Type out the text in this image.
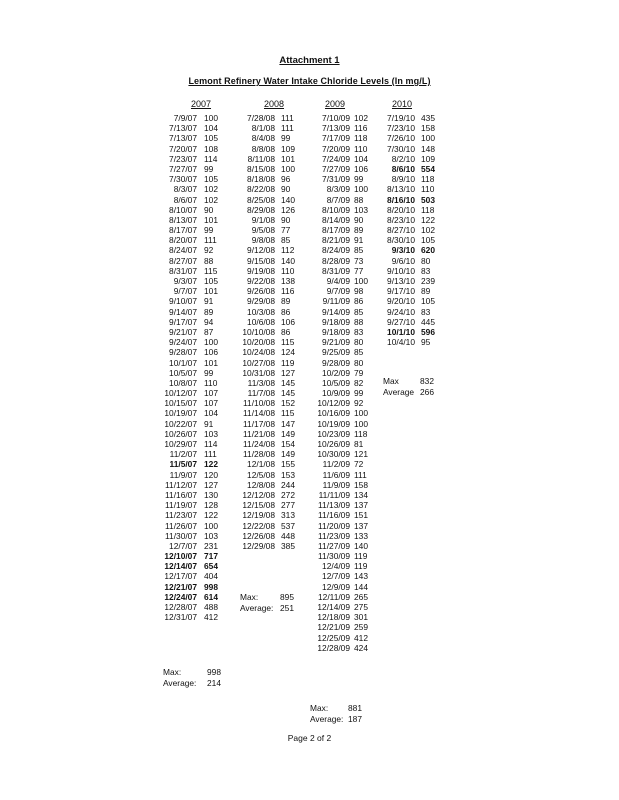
Attachment 1
Lemont Refinery Water Intake Chloride Levels (In mg/L)
2007
7/9/07 100
7/13/07 104
7/13/07 105
7/20/07 108
7/23/07 114
7/27/07 99
7/30/07 105
8/3/07 102
8/6/07 102
8/10/07 90
8/13/07 101
8/17/07 99
8/20/07 111
8/24/07 92
8/27/07 88
8/31/07 115
9/3/07 105
9/7/07 101
9/10/07 91
9/14/07 89
9/17/07 94
9/21/07 87
9/24/07 100
9/28/07 106
10/1/07 101
10/5/07 99
10/8/07 110
10/12/07 107
10/15/07 107
10/19/07 104
10/22/07 91
10/26/07 103
10/29/07 114
11/2/07 111
11/5/07 122
11/9/07 120
11/12/07 127
11/16/07 130
11/19/07 128
11/23/07 122
11/26/07 100
11/30/07 103
12/7/07 231
12/10/07 717
12/14/07 654
12/17/07 404
12/21/07 998
12/24/07 614
12/28/07 488
12/31/07 412
2008
7/28/08 111
8/1/08 111
8/4/08 99
8/8/08 109
8/11/08 101
8/15/08 100
8/18/08 96
8/22/08 90
8/25/08 140
8/29/08 126
9/1/08 90
9/5/08 77
9/8/08 85
9/12/08 112
9/15/08 140
9/19/08 110
9/22/08 138
9/26/08 116
9/29/08 89
10/3/08 86
10/6/08 106
10/10/08 86
10/20/08 115
10/24/08 124
10/27/08 119
10/31/08 127
11/3/08 145
11/7/08 145
11/10/08 152
11/14/08 115
11/17/08 147
11/21/08 149
11/24/08 154
11/28/08 149
12/1/08 155
12/5/08 153
12/8/08 244
12/12/08 272
12/15/08 277
12/19/08 313
12/22/08 537
12/26/08 448
12/29/08 385
2009
7/10/09 102
7/13/09 116
7/17/09 118
7/20/09 110
7/24/09 104
7/27/09 106
7/31/09 99
8/3/09 100
8/7/09 88
8/10/09 103
8/14/09 90
8/17/09 89
8/21/09 91
8/24/09 85
8/28/09 73
8/31/09 77
9/4/09 100
9/7/09 98
9/11/09 86
9/14/09 85
9/18/09 88
9/18/09 83
9/21/09 80
9/25/09 85
9/28/09 80
10/2/09 79
10/5/09 82
10/9/09 99
10/12/09 92
10/16/09 100
10/19/09 100
10/23/09 118
10/26/09 81
10/30/09 121
11/2/09 72
11/6/09 111
11/9/09 158
11/11/09 134
11/13/09 137
11/16/09 151
11/20/09 137
11/23/09 133
11/27/09 140
11/30/09 119
12/4/09 119
12/7/09 143
12/9/09 144
12/11/09 265
12/14/09 275
12/18/09 301
12/21/09 259
12/25/09 412
12/28/09 424
2010
7/19/10 435
7/23/10 158
7/26/10 100
7/30/10 148
8/2/10 109
8/6/10 554
8/9/10 118
8/13/10 110
8/16/10 503
8/20/10 118
8/23/10 122
8/27/10 102
8/30/10 105
9/3/10 620
9/6/10 80
9/10/10 83
9/13/10 239
9/17/10 89
9/20/10 105
9/24/10 83
9/27/10 445
10/1/10 596
10/4/10 95
Max:	998
Average: 214
Max:	895
Average: 251
Max: 881
Average: 187
Max	832
Average 266
Page 2 of 2
